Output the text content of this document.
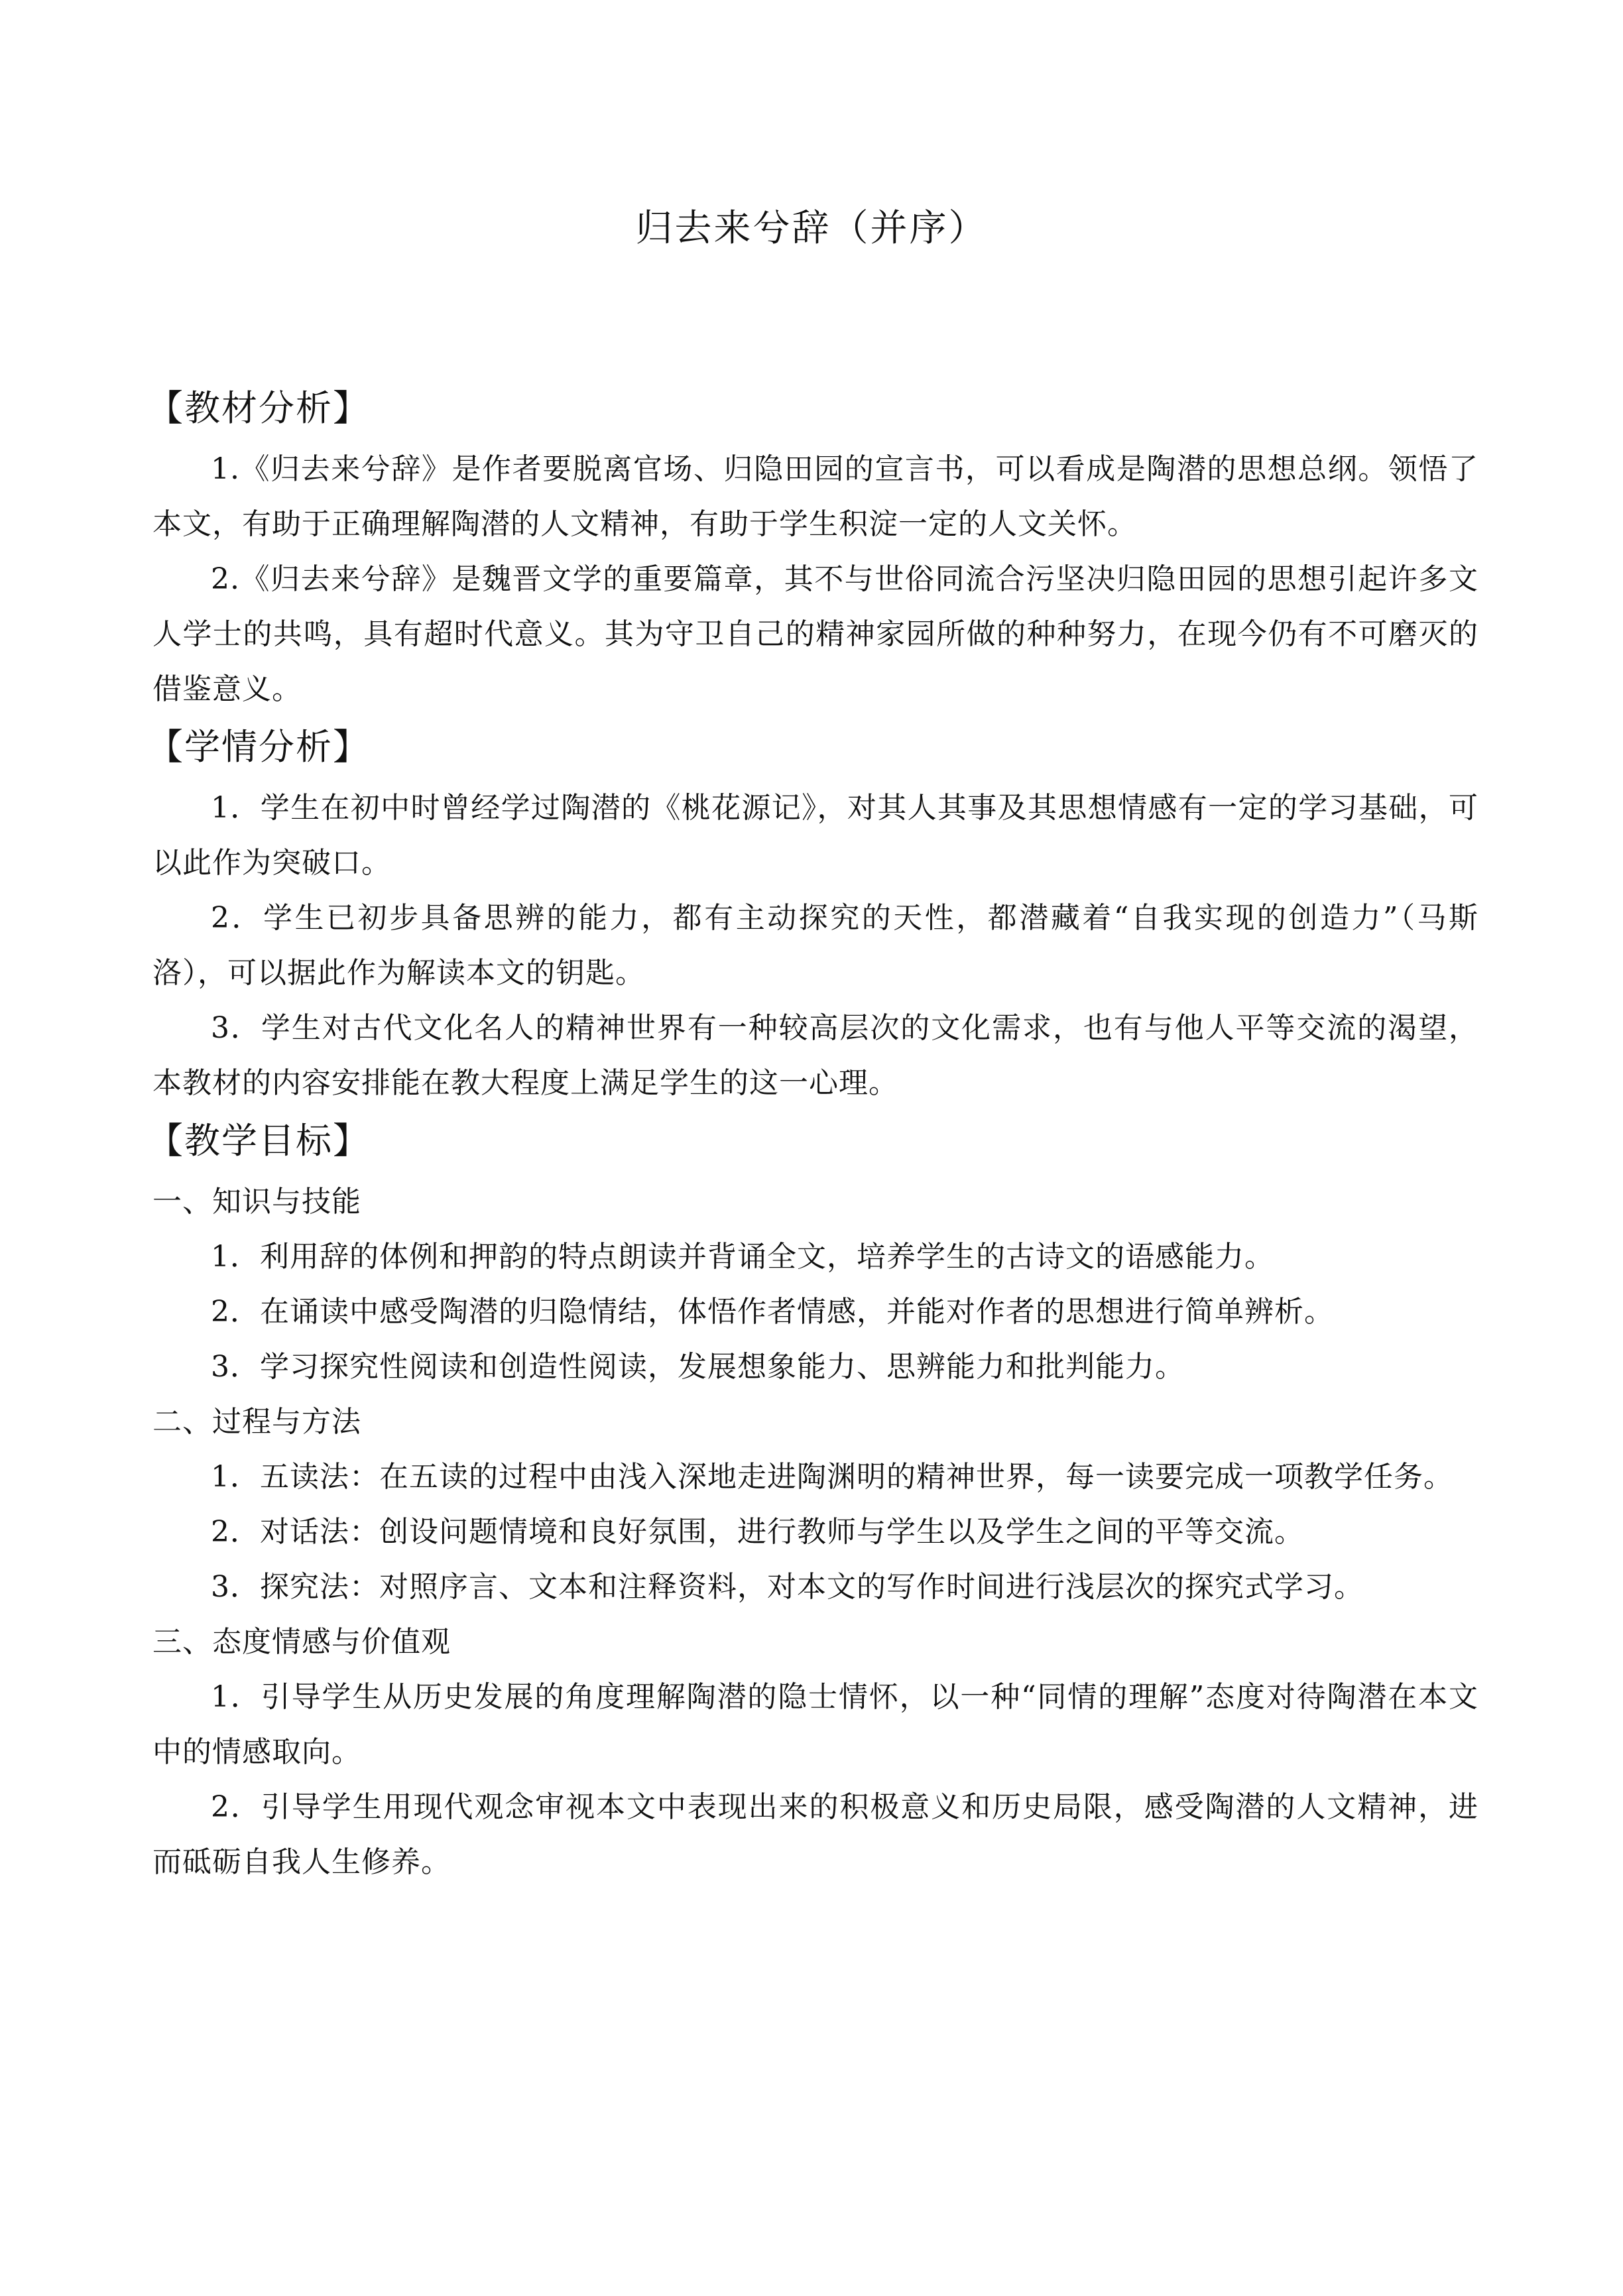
归去来兮辞（并序）
【教材分析】

1.《归去来兮辞》是作者要脱离官场、归隐田园的宣言书，可以看成是陶潜的思想总纲。领悟了本文，有助于正确理解陶潜的人文精神，有助于学生积淀一定的人文关怀。

2.《归去来兮辞》是魏晋文学的重要篇章，其不与世俗同流合污坚决归隐田园的思想引起许多文人学士的共鸣，具有超时代意义。其为守卫自己的精神家园所做的种种努力，在现今仍有不可磨灭的借鉴意义。

【学情分析】

1．学生在初中时曾经学过陶潜的《桃花源记》，对其人其事及其思想情感有一定的学习基础，可以此作为突破口。

2．学生已初步具备思辨的能力，都有主动探究的天性，都潜藏着“自我实现的创造力”（马斯洛），可以据此作为解读本文的钥匙。

3．学生对古代文化名人的精神世界有一种较高层次的文化需求，也有与他人平等交流的渴望，本教材的内容安排能在教大程度上满足学生的这一心理。

【教学目标】

一、知识与技能

1．利用辞的体例和押韵的特点朗读并背诵全文，培养学生的古诗文的语感能力。

2．在诵读中感受陶潜的归隐情结，体悟作者情感，并能对作者的思想进行简单辨析。

3．学习探究性阅读和创造性阅读，发展想象能力、思辨能力和批判能力。

二、过程与方法

1．五读法：在五读的过程中由浅入深地走进陶渊明的精神世界，每一读要完成一项教学任务。

2．对话法：创设问题情境和良好氛围，进行教师与学生以及学生之间的平等交流。

3．探究法：对照序言、文本和注释资料，对本文的写作时间进行浅层次的探究式学习。

三、态度情感与价值观

1．引导学生从历史发展的角度理解陶潜的隐士情怀，以一种“同情的理解”态度对待陶潜在本文中的情感取向。

2．引导学生用现代观念审视本文中表现出来的积极意义和历史局限，感受陶潜的人文精神，进而砥砺自我人生修养。
